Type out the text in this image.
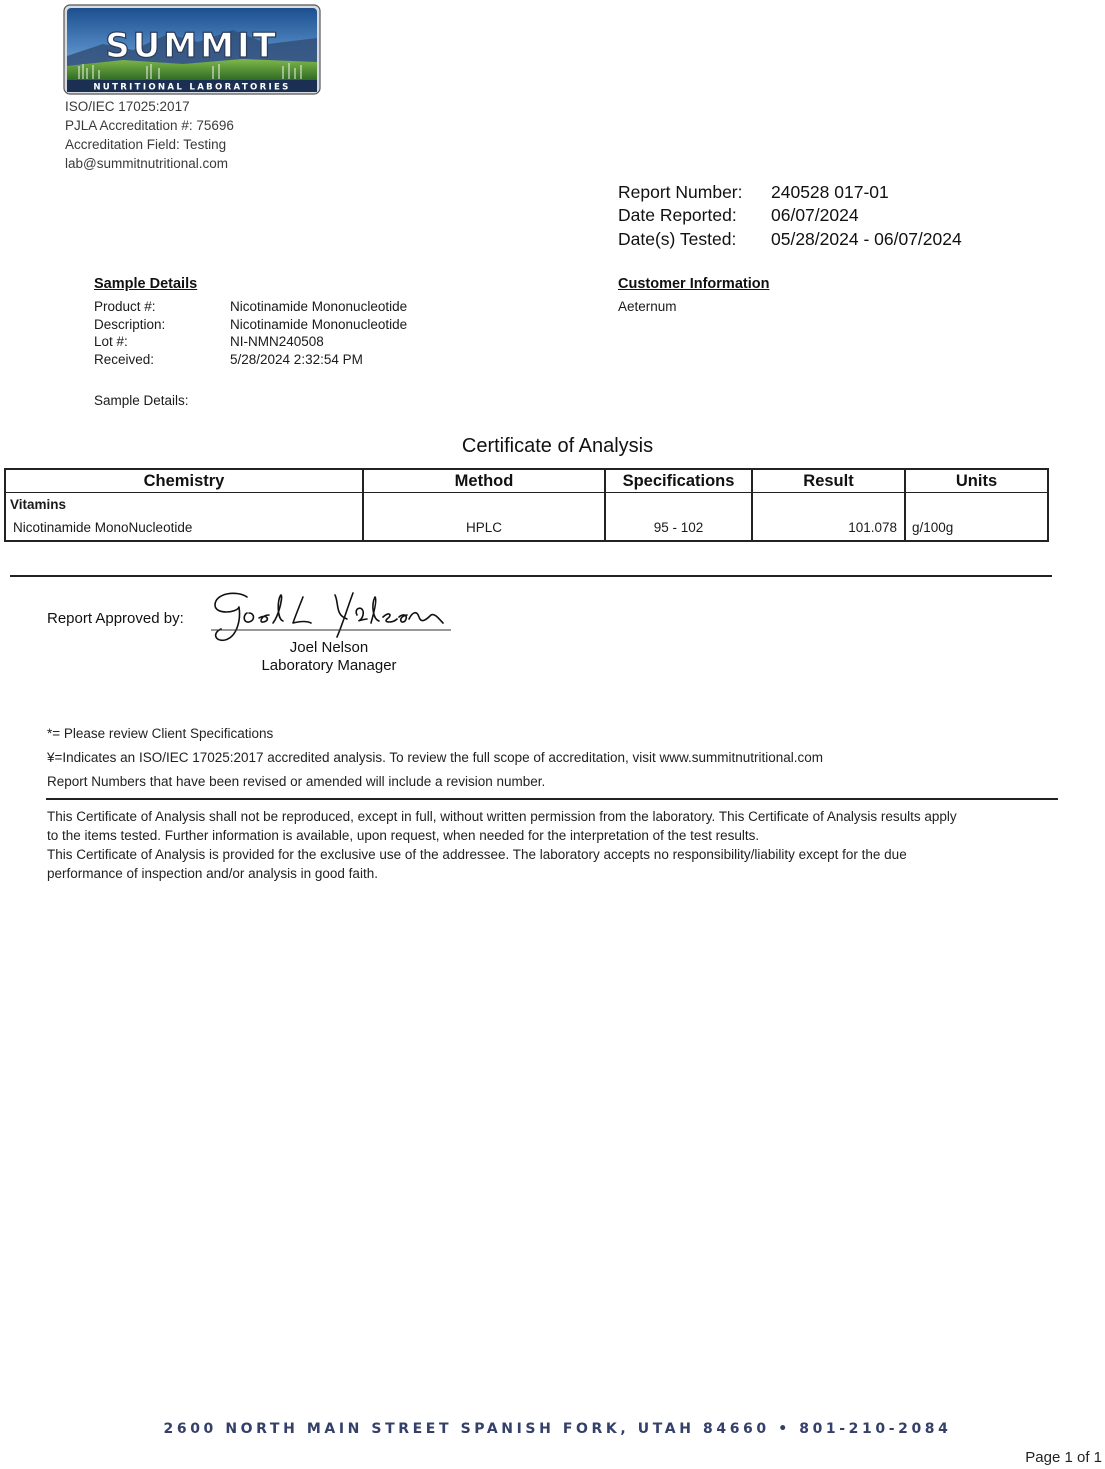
SUMMIT
NUTRITIONAL LABORATORIES
ISO/IEC 17025:2017
PJLA Accreditation #: 75696
Accreditation Field: Testing
lab@summitnutritional.com
Report Number: 240528 017-01
Date Reported: 06/07/2024
Date(s) Tested: 05/28/2024 - 06/07/2024
Sample Details
Product #:	Nicotinamide Mononucleotide
Description:	Nicotinamide Mononucleotide
Lot #:	NI-NMN240508
Received:	5/28/2024 2:32:54 PM
Sample Details:
Customer Information
Aeternum
Certificate of Analysis
Chemistry	Method	Specifications	Result	Units
Vitamins				
Nicotinamide MonoNucleotide	HPLC	95 - 102	101.078	g/100g
Report Approved by:
Joel Nelson
Laboratory Manager
*= Please review Client Specifications
¥=Indicates an ISO/IEC 17025:2017 accredited analysis. To review the full scope of accreditation, visit www.summitnutritional.com
Report Numbers that have been revised or amended will include a revision number.
This Certificate of Analysis shall not be reproduced, except in full, without written permission from the laboratory. This Certificate of Analysis results apply
to the items tested. Further information is available, upon request, when needed for the interpretation of the test results.
This Certificate of Analysis is provided for the exclusive use of the addressee. The laboratory accepts no responsibility/liability except for the due
performance of inspection and/or analysis in good faith.
2600 NORTH MAIN STREET SPANISH FORK, UTAH 84660 • 801-210-2084
Page 1 of 1
